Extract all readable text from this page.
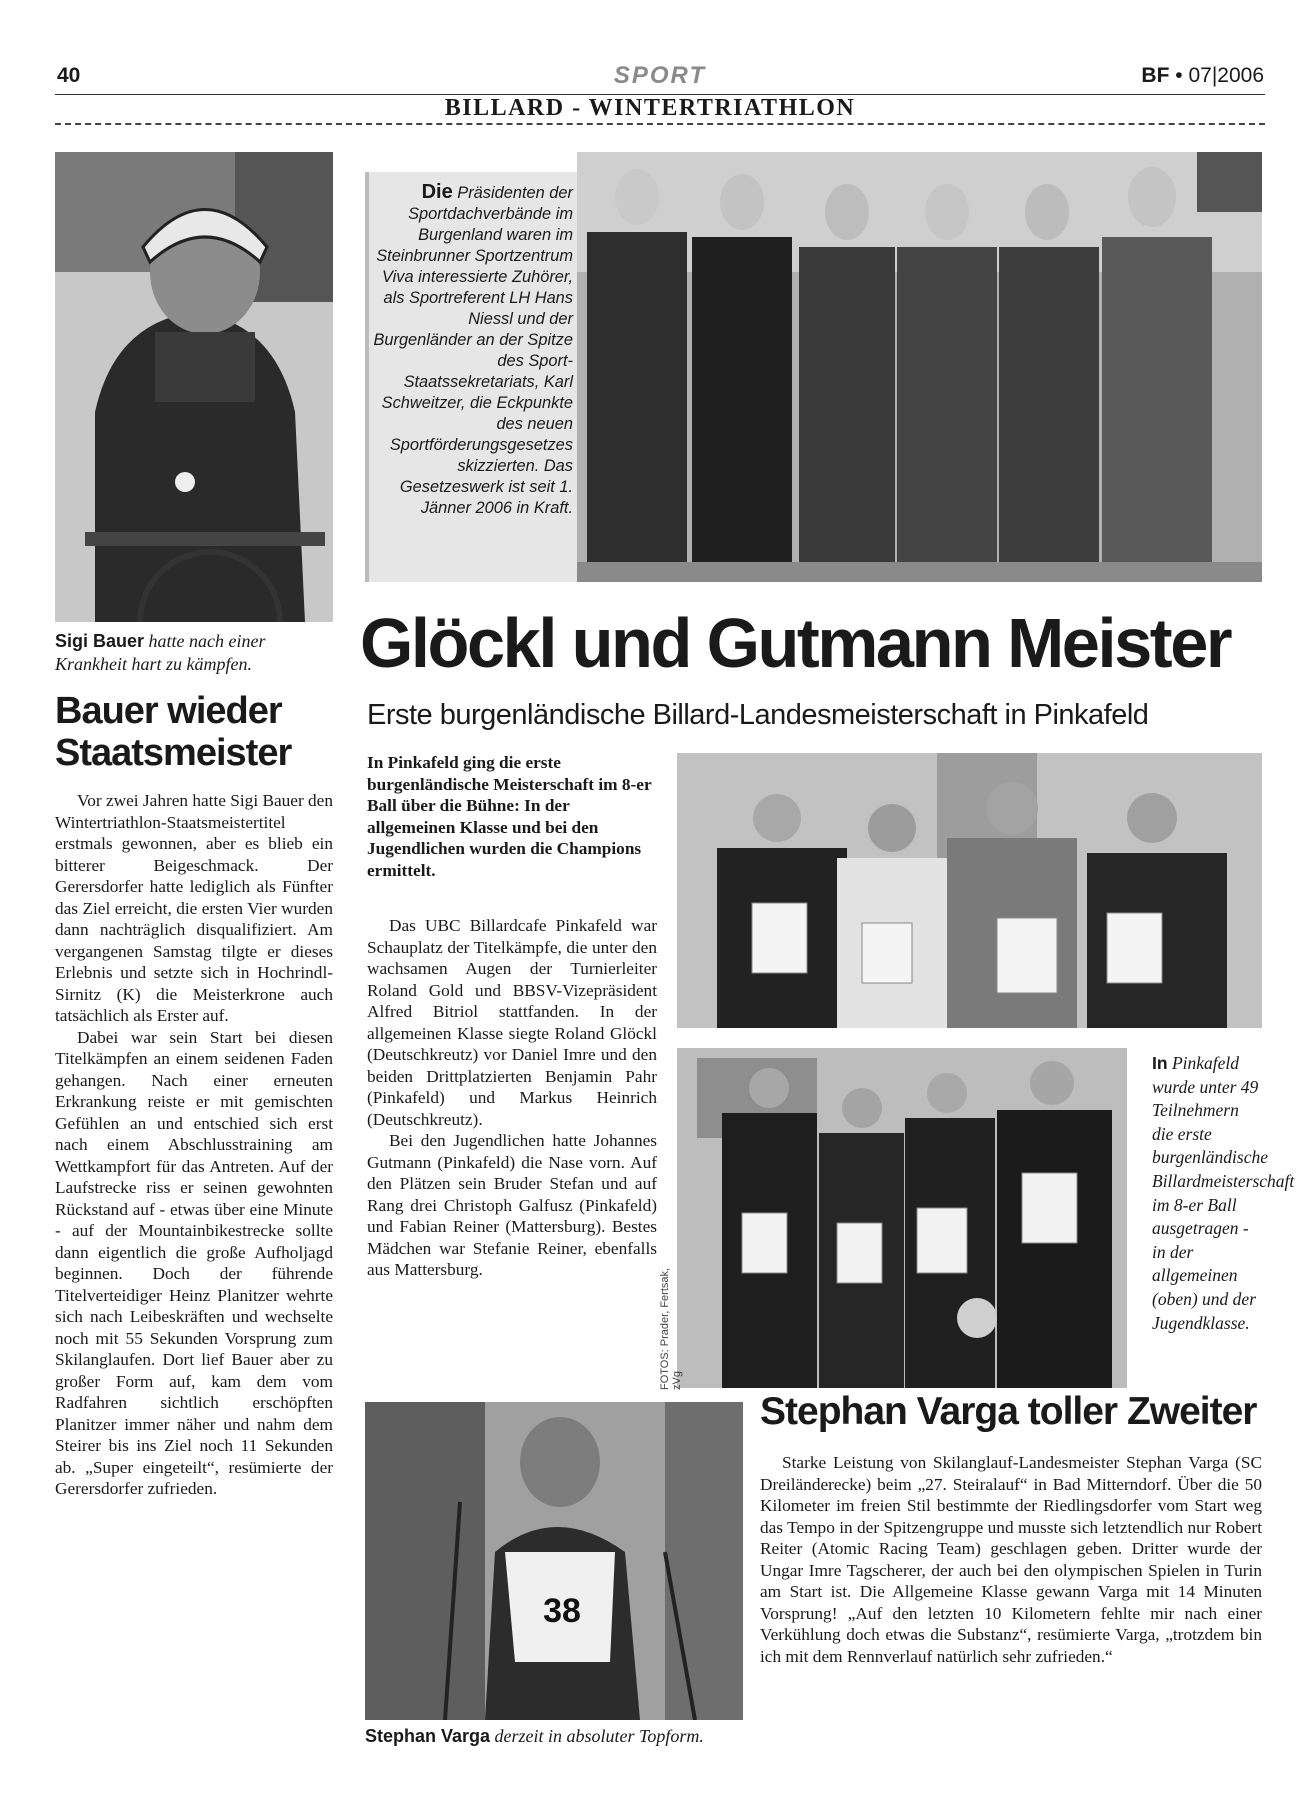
40	SPORT	BF • 07|2006
BILLARD - WINTERTRIATHLON
Sigi Bauer hatte nach einer Krankheit hart zu kämpfen.
Bauer wieder
Staatsmeister

Vor zwei Jahren hatte Sigi Bauer den Wintertriathlon-Staatsmeistertitel erstmals gewonnen, aber es blieb ein bitterer Beigeschmack. Der Gerersdorfer hatte lediglich als Fünfter das Ziel erreicht, die ersten Vier wurden dann nachträglich disqualifiziert. Am vergangenen Samstag tilgte er dieses Erlebnis und setzte sich in Hochrindl-Sirnitz (K) die Meisterkrone auch tatsächlich als Erster auf.

Dabei war sein Start bei diesen Titelkämpfen an einem seidenen Faden gehangen. Nach einer erneuten Erkrankung reiste er mit gemischten Gefühlen an und entschied sich erst nach einem Abschlusstraining am Wettkampfort für das Antreten. Auf der Laufstrecke riss er seinen gewohnten Rückstand auf - etwas über eine Minute - auf der Mountainbikestrecke sollte dann eigentlich die große Aufholjagd beginnen. Doch der führende Titelverteidiger Heinz Planitzer wehrte sich nach Leibeskräften und wechselte noch mit 55 Sekunden Vorsprung zum Skilanglaufen. Dort lief Bauer aber zu großer Form auf, kam dem vom Radfahren sichtlich erschöpften Planitzer immer näher und nahm dem Steirer bis ins Ziel noch 11 Sekunden ab. „Super eingeteilt“, resümierte der Gerersdorfer zufrieden.

Die Präsidenten der Sportdachverbände im Burgenland waren im Steinbrunner Sportzentrum Viva interessierte Zuhörer, als Sportreferent LH Hans Niessl und der Burgenländer an der Spitze des Sport-Staatssekretariats, Karl Schweitzer, die Eckpunkte des neuen Sportförderungsgesetzes skizzierten. Das Gesetzeswerk ist seit 1. Jänner 2006 in Kraft.
Glöckl und Gutmann Meister
Erste burgenländische Billard-Landesmeisterschaft in Pinkafeld
In Pinkafeld ging die erste burgenländische Meisterschaft im 8-er Ball über die Bühne: In der allgemeinen Klasse und bei den Jugendlichen wurden die Champions ermittelt.

Das UBC Billardcafe Pinkafeld war Schauplatz der Titelkämpfe, die unter den wachsamen Augen der Turnierleiter Roland Gold und BBSV-Vizepräsident Alfred Bitriol stattfanden. In der allgemeinen Klasse siegte Roland Glöckl (Deutschkreutz) vor Daniel Imre und den beiden Drittplatzierten Benjamin Pahr (Pinkafeld) und Markus Heinrich (Deutschkreutz).

Bei den Jugendlichen hatte Johannes Gutmann (Pinkafeld) die Nase vorn. Auf den Plätzen sein Bruder Stefan und auf Rang drei Christoph Galfusz (Pinkafeld) und Fabian Reiner (Mattersburg). Bestes Mädchen war Stefanie Reiner, ebenfalls aus Mattersburg.	FOTOS: Prader, Fertsak, zVg
In Pinkafeld wurde unter 49 Teilnehmern die erste burgenländische Billardmeisterschaft im 8-er Ball ausgetragen - in der allgemeinen (oben) und der Jugendklasse.
38
Stephan Varga derzeit in absoluter Topform.
Stephan Varga toller Zweiter

Starke Leistung von Skilanglauf-Landesmeister Stephan Varga (SC Dreiländerecke) beim „27. Steiralauf“ in Bad Mitterndorf. Über die 50 Kilometer im freien Stil bestimmte der Riedlingsdorfer vom Start weg das Tempo in der Spitzengruppe und musste sich letztendlich nur Robert Reiter (Atomic Racing Team) geschlagen geben. Dritter wurde der Ungar Imre Tagscherer, der auch bei den olympischen Spielen in Turin am Start ist. Die Allgemeine Klasse gewann Varga mit 14 Minuten Vorsprung! „Auf den letzten 10 Kilometern fehlte mir nach einer Verkühlung doch etwas die Substanz“, resümierte Varga, „trotzdem bin ich mit dem Rennverlauf natürlich sehr zufrieden.“
